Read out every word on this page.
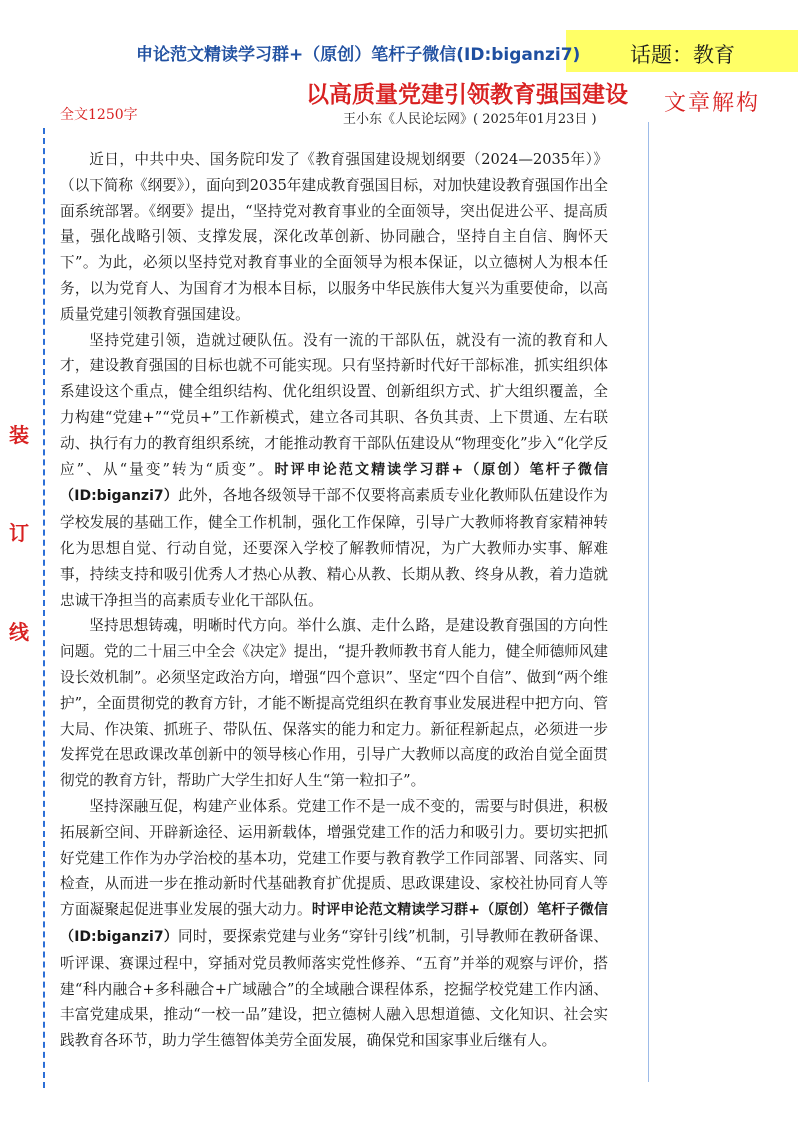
申论范文精读学习群+（原创）笔杆子微信(ID:biganzi7) 话题：教育
以高质量党建引领教育强国建设 文章解构
全文1250字	王小东《人民论坛网》( 2025年01月23日 )
装
订
线

近日，中共中央、国务院印发了《教育强国建设规划纲要（2024—2035年）》（以下简称《纲要》），面向到2035年建成教育强国目标，对加快建设教育强国作出全面系统部署。《纲要》提出，“坚持党对教育事业的全面领导，突出促进公平、提高质量，强化战略引领、支撑发展，深化改革创新、协同融合，坚持自主自信、胸怀天下”。为此，必须以坚持党对教育事业的全面领导为根本保证，以立德树人为根本任务，以为党育人、为国育才为根本目标，以服务中华民族伟大复兴为重要使命，以高质量党建引领教育强国建设。

坚持党建引领，造就过硬队伍。没有一流的干部队伍，就没有一流的教育和人才，建设教育强国的目标也就不可能实现。只有坚持新时代好干部标准，抓实组织体系建设这个重点，健全组织结构、优化组织设置、创新组织方式、扩大组织覆盖，全力构建“党建+”“党员+”工作新模式，建立各司其职、各负其责、上下贯通、左右联动、执行有力的教育组织系统，才能推动教育干部队伍建设从“物理变化”步入“化学反应”、从“量变”转为“质变”。时评申论范文精读学习群+（原创）笔杆子微信（ID:biganzi7）此外，各地各级领导干部不仅要将高素质专业化教师队伍建设作为学校发展的基础工作，健全工作机制，强化工作保障，引导广大教师将教育家精神转化为思想自觉、行动自觉，还要深入学校了解教师情况，为广大教师办实事、解难事，持续支持和吸引优秀人才热心从教、精心从教、长期从教、终身从教，着力造就忠诚干净担当的高素质专业化干部队伍。

坚持思想铸魂，明晰时代方向。举什么旗、走什么路，是建设教育强国的方向性问题。党的二十届三中全会《决定》提出，“提升教师教书育人能力，健全师德师风建设长效机制”。必须坚定政治方向，增强“四个意识”、坚定“四个自信”、做到“两个维护”，全面贯彻党的教育方针，才能不断提高党组织在教育事业发展进程中把方向、管大局、作决策、抓班子、带队伍、保落实的能力和定力。新征程新起点，必须进一步发挥党在思政课改革创新中的领导核心作用，引导广大教师以高度的政治自觉全面贯彻党的教育方针，帮助广大学生扣好人生“第一粒扣子”。

坚持深融互促，构建产业体系。党建工作不是一成不变的，需要与时俱进，积极拓展新空间、开辟新途径、运用新载体，增强党建工作的活力和吸引力。要切实把抓好党建工作作为办学治校的基本功，党建工作要与教育教学工作同部署、同落实、同检查，从而进一步在推动新时代基础教育扩优提质、思政课建设、家校社协同育人等方面凝聚起促进事业发展的强大动力。时评申论范文精读学习群+（原创）笔杆子微信（ID:biganzi7）同时，要探索党建与业务“穿针引线”机制，引导教师在教研备课、听评课、赛课过程中，穿插对党员教师落实党性修养、“五育”并举的观察与评价，搭建“科内融合+多科融合+广域融合”的全域融合课程体系，挖掘学校党建工作内涵、丰富党建成果，推动“一校一品”建设，把立德树人融入思想道德、文化知识、社会实践教育各环节，助力学生德智体美劳全面发展，确保党和国家事业后继有人。
